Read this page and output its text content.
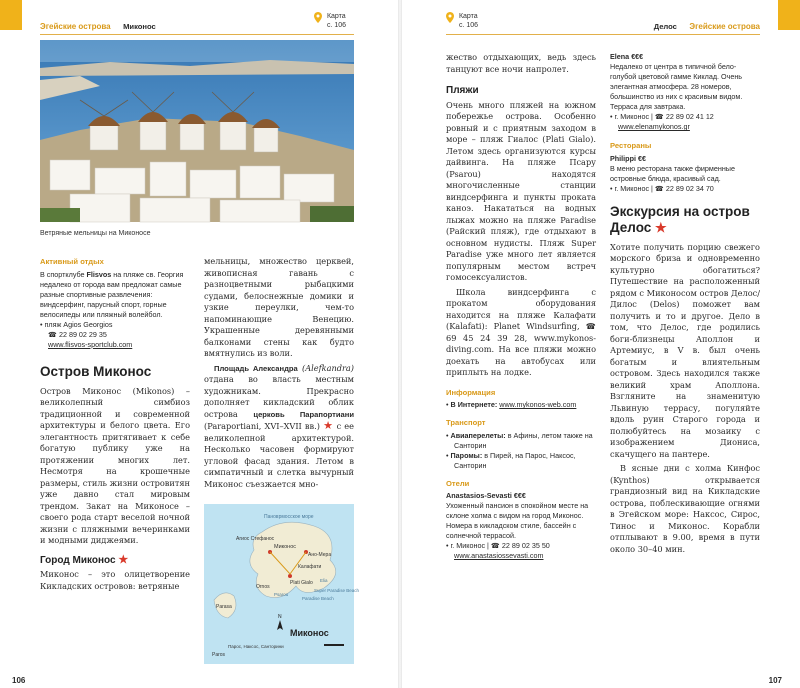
Эгейские острова Миконос
Карта
с. 106
Ветряные мельницы на Миконосе
Активный отдых
В спортклубе Flisvos на пляже св. Георгия недалеко от города вам предложат самые разные спортивные развлечения: виндсерфинг, парусный спорт, горные велосипеды или пляжный волейбол.
• пляж Agios Georgios
☎ 22 89 02 29 35
www.flisvos-sportclub.com
Остров Миконос

Остров Миконос (Mikonos) – великолепный симбиоз традиционной и современной архитектуры и белого цвета. Его элегантность притягивает к себе богатую публику уже на протяжении многих лет. Несмотря на крошечные размеры, стиль жизни островитян уже давно стал мировым трендом. Закат на Миконосе – своего рода старт веселой ночной жизни с пляжными вечеринками и модными диджеями.

Город Миконос ★

Миконос – это олицетворение Кикладских островов: ветряные

мельницы, множество церквей, живописная гавань с разноцветными рыбацкими судами, белоснежные домики и узкие переулки, чем-то напоминающие Венецию. Украшенные деревянными балконами стены как будто вмятнулись из воли.

Площадь Александра (Alefkandra) отдана во власть местным художникам. Прекрасно дополняет кикладский облик острова церковь Парапортиани (Paraportiani, XVI–XVII вв.) ★ с ее великолепной архитектурой. Несколько часовен формируют угловой фасад здания. Летом в симпатичный и слетка вычурный Миконос съезжается мно-

Пановрмосское море
Миконос
Агиос Стефанос
Ано-Мера
Калафати
Plati Gialo
Psarou
Paradise Beach
Super Paradise Beach
Elia
Ornos
Parasa
Paros
Миконос
Парос, Наксос, Санторини
N
106
Карта
с. 106	Делос Эгейские острова

жество отдыхающих, ведь здесь танцуют все ночи напролет.

Пляжи

Очень много пляжей на южном побережье острова. Особенно ровный и с приятным заходом в море – пляж Гиалос (Plati Gialo). Летом здесь организуются курсы дайвинга. На пляже Псару (Psarou) находятся многочисленные станции виндсерфинга и пункты проката каноэ. Накататься на водных лыжах можно на пляже Paradise (Райский пляж), где отдыхают в основном нудисты. Пляж Super Paradise уже много лет является популярным местом встреч гомосексуалистов.

Школа виндсерфинга с прокатом оборудования находится на пляже Калафати (Kalafati): Planet Windsurfing, ☎ 69 45 24 39 28, www.mykonos-diving.com. На все пляжи можно доехать на автобусах или приплыть на лодке.

Информация
• В Интернете: www.mykonos-web.com
Транспорт
• Авиаперелеты: в Афины, летом также на Санторин
• Паромы: в Пирей, на Парос, Наксос, Санторин
Отели
Anastasios-Sevasti €€€
Ухоженный пансион в спокойном месте на склоне холма с видом на город Миконос. Номера в кикладском стиле, бассейн с солнечной террасой.
• г. Миконос | ☎ 22 89 02 35 50
www.anastasiossevasti.com
Elena €€€
Недалеко от центра в типичной бело-голубой цветовой гамме Киклад. Очень элегантная атмосфера. 28 номеров, большинство из них с красивым видом. Терраса для завтрака.
• г. Миконос | ☎ 22 89 02 41 12
www.elenamykonos.gr
Рестораны
Philippi €€
В меню ресторана также фирменные островные блюда, красивый сад.
• г. Миконос | ☎ 22 89 02 34 70
Экскурсия на остров Делос ★

Хотите получить порцию свежего морского бриза и одновременно культурно обогатиться? Путешествие на расположенный рядом с Миконосом остров Делос/Дилос (Delos) поможет вам получить и то и другое. Дело в том, что Делос, где родились боги-близнецы Аполлон и Артемиус, в V в. был очень богатым и влиятельным островом. Здесь находился также великий храм Аполлона. Взгляните на знаменитую Львиную террасу, погуляйте вдоль руин Старого города и полюбуйтесь на мозаику с изображением Диониса, скачущего на пантере.

В ясные дни с холма Кинфос (Kynthos) открывается грандиозный вид на Кикладские острова, поблескивающие огнями в Эгейском море: Наксос, Сирос, Тинос и Миконос. Корабли отплывают в 9.00, время в пути около 30–40 мин.

107
